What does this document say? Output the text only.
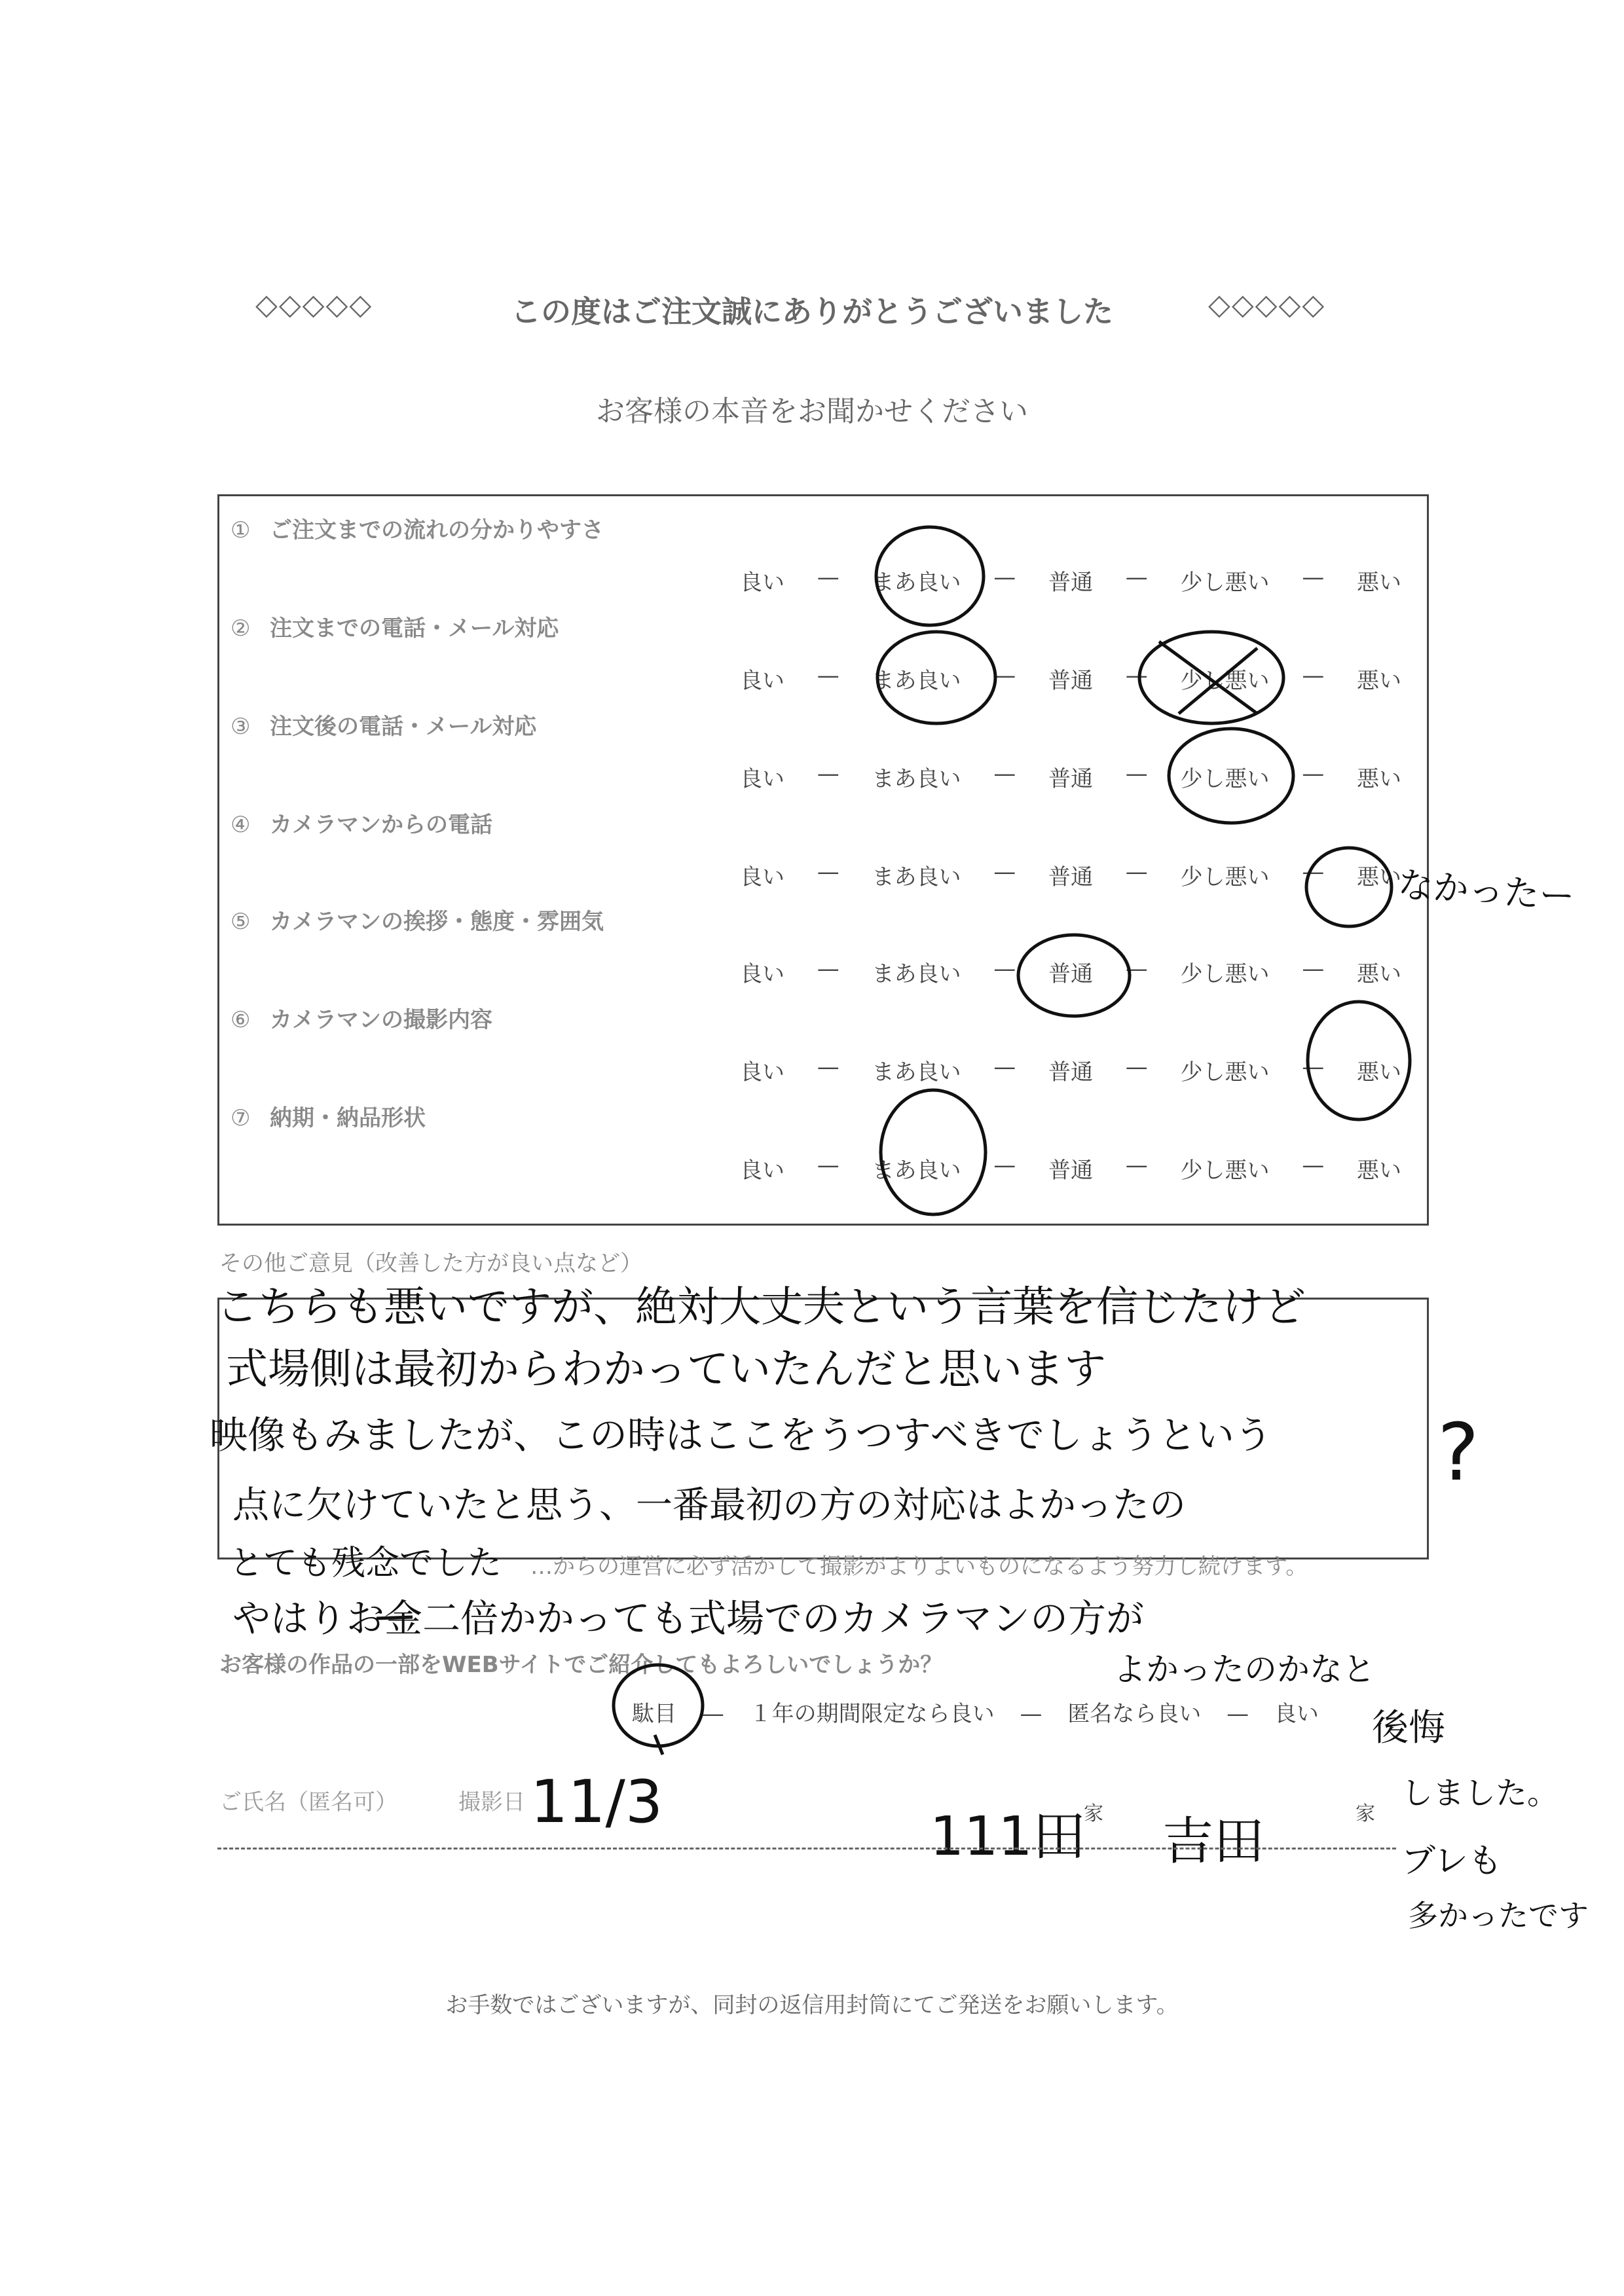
◇◇◇◇◇	この度はご注文誠にありがとうございました	◇◇◇◇◇
お客様の本音をお聞かせください
① ご注文までの流れの分かりやすさ
良い — まあ良い — 普通 — 少し悪い — 悪い
② 注文までの電話・メール対応
良い — まあ良い — 普通 — 少し悪い — 悪い
③ 注文後の電話・メール対応
良い — まあ良い — 普通 — 少し悪い — 悪い
④ カメラマンからの電話
良い — まあ良い — 普通 — 少し悪い — 悪い
⑤ カメラマンの挨拶・態度・雰囲気
良い — まあ良い — 普通 — 少し悪い — 悪い
⑥ カメラマンの撮影内容
良い — まあ良い — 普通 — 少し悪い — 悪い
⑦ 納期・納品形状
良い — まあ良い — 普通 — 少し悪い — 悪い
なかったー
その他ご意見（改善した方が良い点など）
こちらも悪いですが、絶対大丈夫という言葉を信じたけど
式場側は最初からわかっていたんだと思います
映像もみましたが、この時はここをうつすべきでしょうという
点に欠けていたと思う、一番最初の方の対応はよかったの
?
とても残念でした …からの運営に必ず活かして撮影がよりよいものになるよう努力し続けます。
やはりお金二倍かかっても式場でのカメラマンの方が
お客様の作品の一部をWEBサイトでご紹介してもよろしいでしょうか？
駄目 — １年の期間限定なら良い — 匿名なら良い — 良い
よかったのかなと
後悔
しました。
ブレも
多かったです
ご氏名（匿名可）	撮影日 11/3
111田
家 吉田	家
お手数ではございますが、同封の返信用封筒にてご発送をお願いします。
